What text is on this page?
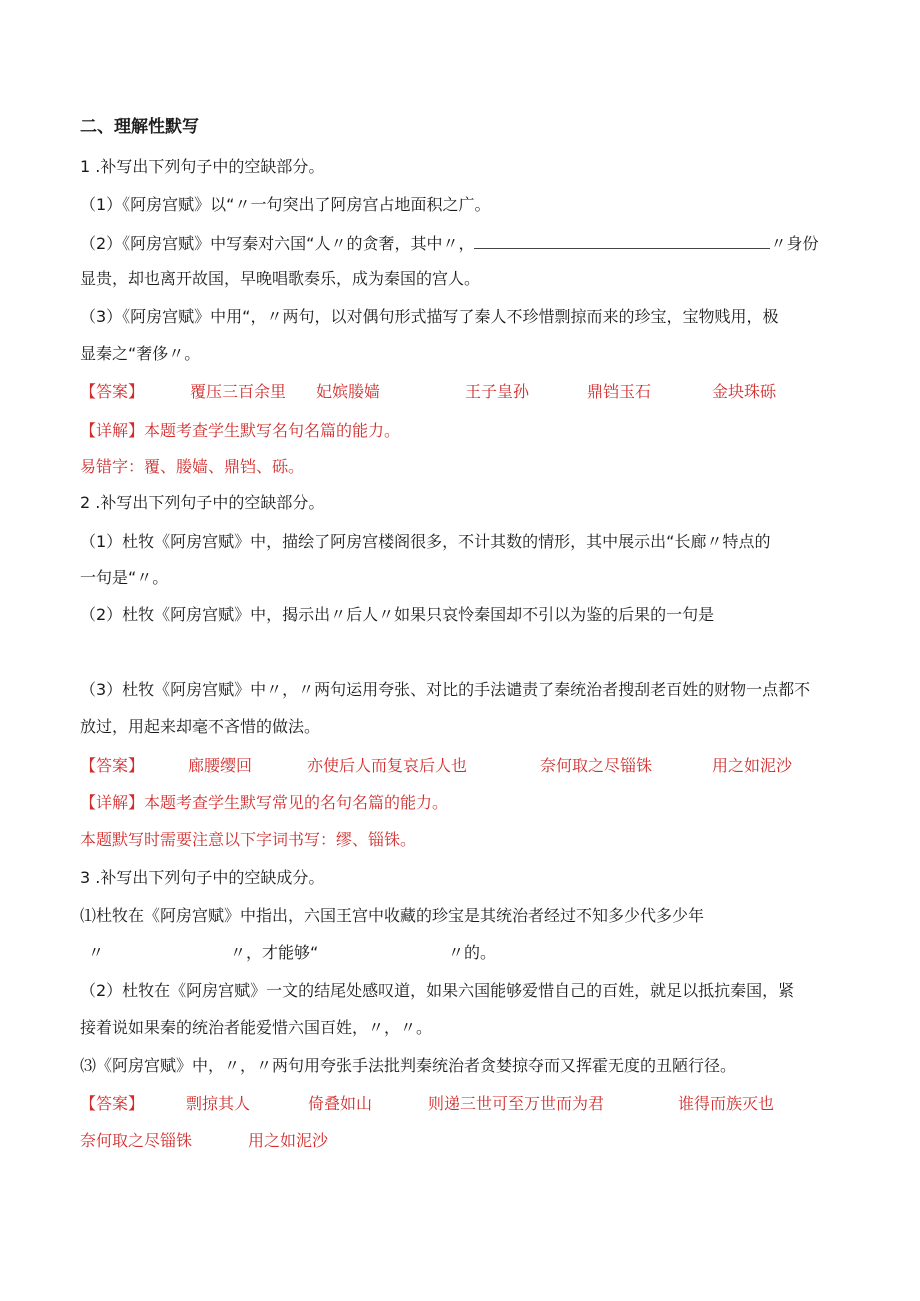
二、理解性默写
1 .补写出下列句子中的空缺部分。
（1）《阿房宫赋》以“〃一句突出了阿房宫占地面积之广。
（2）《阿房宫赋》中写秦对六国“人〃的贪奢，其中〃，	〃身份
显贵，却也离开故国，早晚唱歌奏乐，成为秦国的宫人。
（3）《阿房宫赋》中用“，〃两句，以对偶句形式描写了秦人不珍惜剽掠而来的珍宝，宝物贱用，极
显秦之“奢侈〃。
【答案】	覆压三百余里 妃嫔媵嫱	王子皇孙	鼎铛玉石	金块珠砾
【详解】本题考查学生默写名句名篇的能力。
易错字：覆、媵嫱、鼎铛、砾。
2 .补写出下列句子中的空缺部分。
（1）杜牧《阿房宫赋》中，描绘了阿房宫楼阁很多，不计其数的情形，其中展示出“长廊〃特点的
一句是“〃。
（2）杜牧《阿房宫赋》中，揭示出〃后人〃如果只哀怜秦国却不引以为鉴的后果的一句是
（3）杜牧《阿房宫赋》中〃，〃两句运用夸张、对比的手法谴责了秦统治者搜刮老百姓的财物一点都不
放过，用起来却毫不吝惜的做法。
【答案】	廊腰缨回	亦使后人而复哀后人也	奈何取之尽锱铢	用之如泥沙
【详解】本题考查学生默写常见的名句名篇的能力。
本题默写时需要注意以下字词书写：缪、锱铢。
3 .补写出下列句子中的空缺成分。
⑴杜牧在《阿房宫赋》中指出，六国王宫中收藏的珍宝是其统治者经过不知多少代多少年
〃	〃，才能够“	〃的。
（2）杜牧在《阿房宫赋》一文的结尾处感叹道，如果六国能够爱惜自己的百姓，就足以抵抗秦国，紧
接着说如果秦的统治者能爱惜六国百姓，〃，〃。
⑶《阿房宫赋》中，〃，〃两句用夸张手法批判秦统治者贪婪掠夺而又挥霍无度的丑陋行径。
【答案】	剽掠其人	倚叠如山	则递三世可至万世而为君	谁得而族灭也
奈何取之尽锱铢	用之如泥沙
